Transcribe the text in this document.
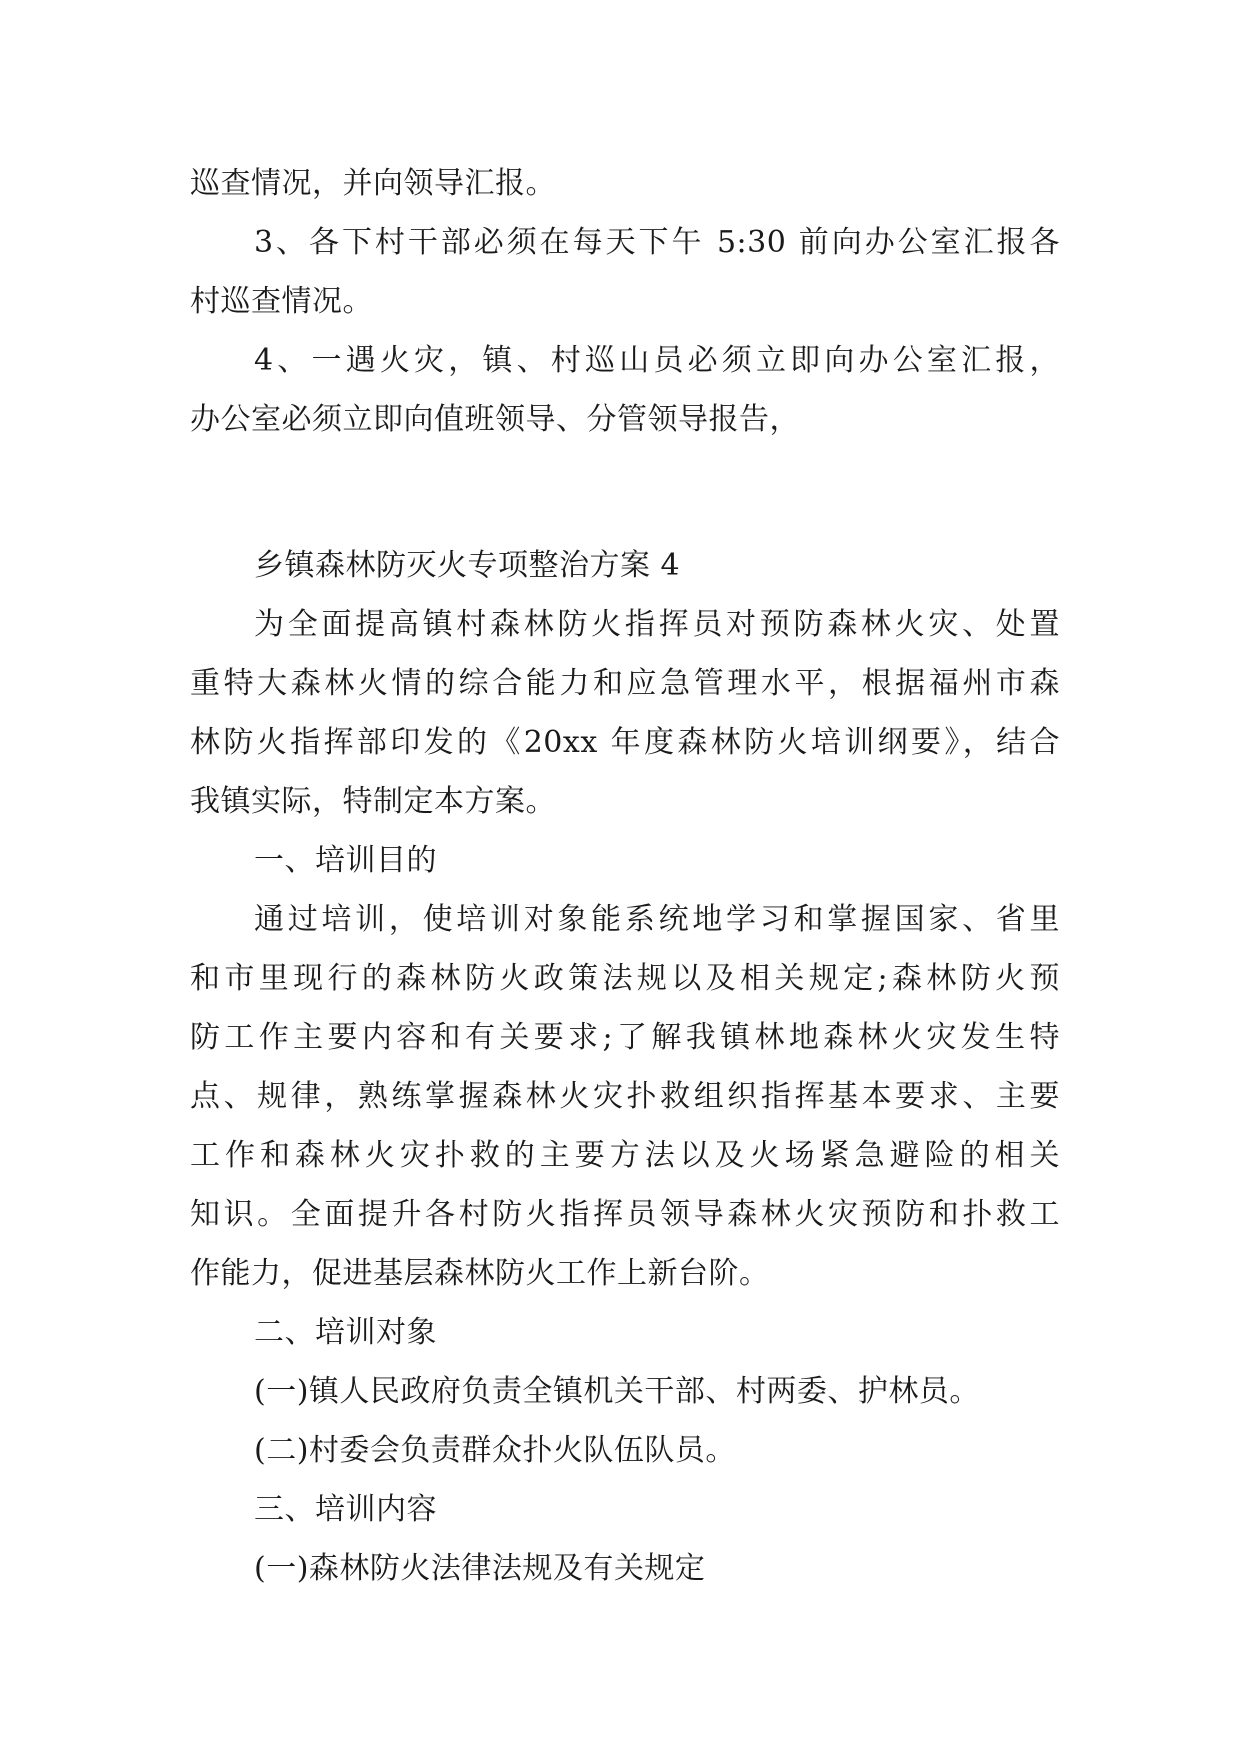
巡查情况，并向领导汇报。
3、各下村干部必须在每天下午 5:30 前向办公室汇报各
村巡查情况。
4、一遇火灾，镇、村巡山员必须立即向办公室汇报，
办公室必须立即向值班领导、分管领导报告，
乡镇森林防灭火专项整治方案 4
为全面提高镇村森林防火指挥员对预防森林火灾、处置
重特大森林火情的综合能力和应急管理水平，根据福州市森
林防火指挥部印发的《20xx 年度森林防火培训纲要》，结合
我镇实际，特制定本方案。
一、培训目的
通过培训，使培训对象能系统地学习和掌握国家、省里
和市里现行的森林防火政策法规以及相关规定;森林防火预
防工作主要内容和有关要求;了解我镇林地森林火灾发生特
点、规律，熟练掌握森林火灾扑救组织指挥基本要求、主要
工作和森林火灾扑救的主要方法以及火场紧急避险的相关
知识。全面提升各村防火指挥员领导森林火灾预防和扑救工
作能力，促进基层森林防火工作上新台阶。
二、培训对象
(一)镇人民政府负责全镇机关干部、村两委、护林员。
(二)村委会负责群众扑火队伍队员。
三、培训内容
(一)森林防火法律法规及有关规定
